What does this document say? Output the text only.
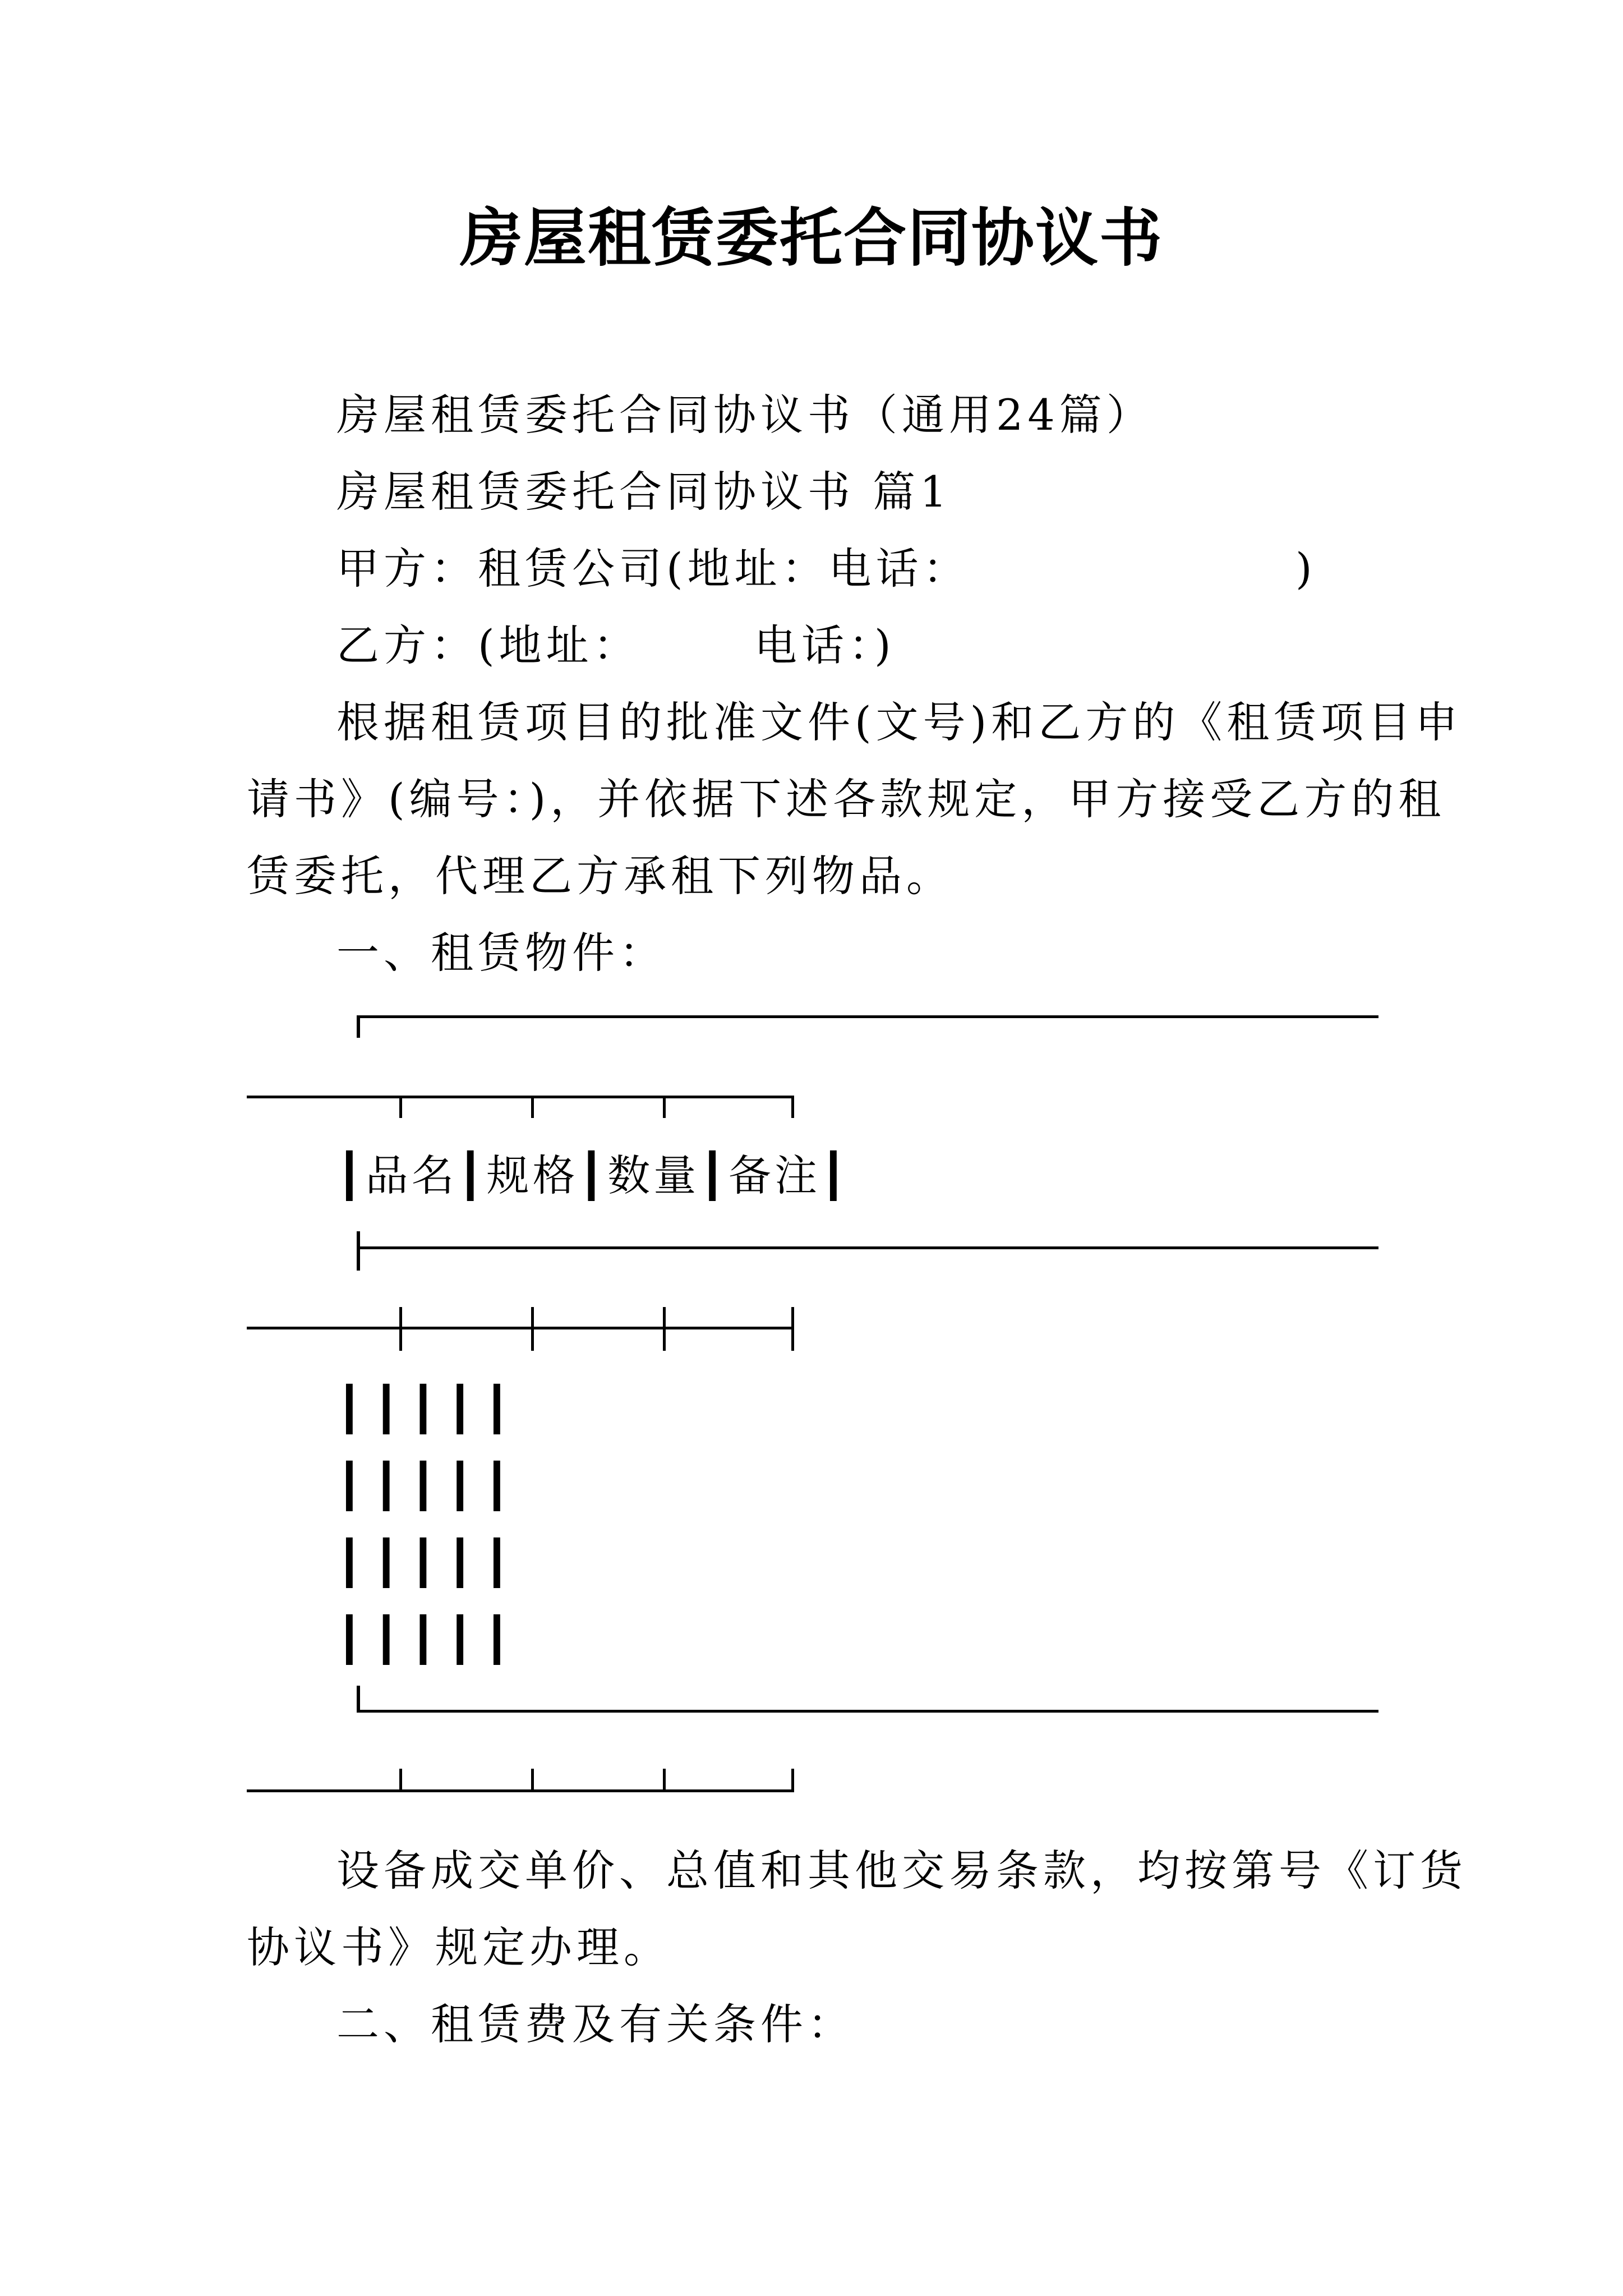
房屋租赁委托合同协议书
房屋租赁委托合同协议书（通用24篇）
房屋租赁委托合同协议书 篇1
甲方：租赁公司(地址：电话：	)
乙方：(地址：	电话：)
根据租赁项目的批准文件(文号)和乙方的《租赁项目申
请书》(编号：)，并依据下述各款规定，甲方接受乙方的租
赁委托，代理乙方承租下列物品。
一、租赁物件：
┃品名┃规格┃数量┃备注┃
┃┃┃┃┃
┃┃┃┃┃
┃┃┃┃┃
┃┃┃┃┃
设备成交单价、总值和其他交易条款，均按第号《订货
协议书》规定办理。
二、租赁费及有关条件：
